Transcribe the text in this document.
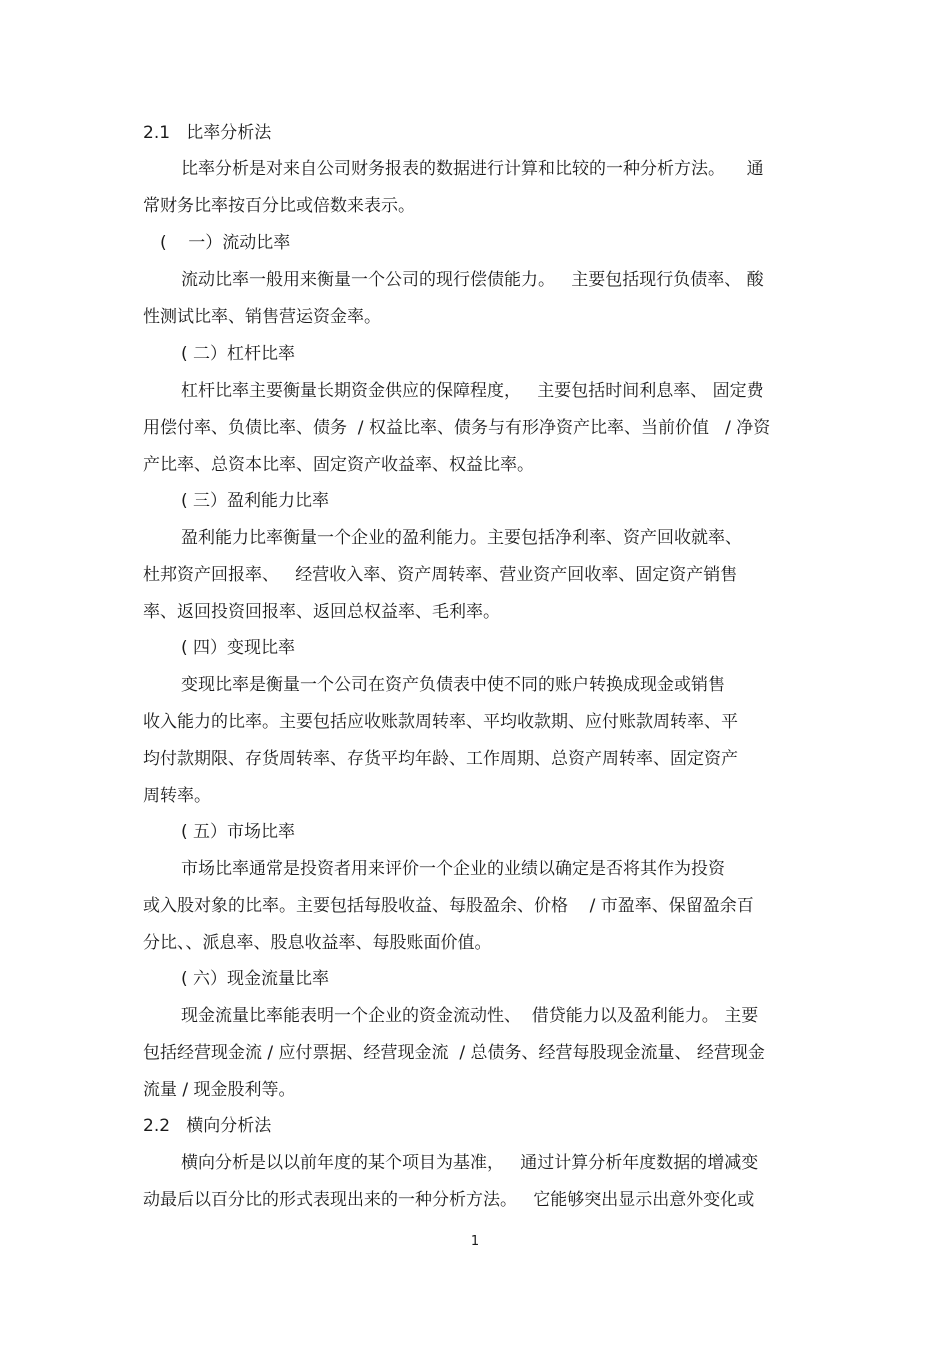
2.1   比率分析法
比率分析是对来自公司财务报表的数据进行计算和比较的一种分析方法。    通
常财务比率按百分比或倍数来表示。
(    一）流动比率
流动比率一般用来衡量一个公司的现行偿债能力。   主要包括现行负债率、 酸
性测试比率、销售营运资金率。
( 二）杠杆比率
杠杆比率主要衡量长期资金供应的保障程度，   主要包括时间利息率、 固定费
用偿付率、负债比率、债务  / 权益比率、债务与有形净资产比率、当前价值   / 净资
产比率、总资本比率、固定资产收益率、权益比率。
( 三）盈利能力比率
盈利能力比率衡量一个企业的盈利能力。主要包括净利率、资产回收就率、
杜邦资产回报率、   经营收入率、资产周转率、营业资产回收率、固定资产销售
率、返回投资回报率、返回总权益率、毛利率。
( 四）变现比率
变现比率是衡量一个公司在资产负债表中使不同的账户转换成现金或销售
收入能力的比率。主要包括应收账款周转率、平均收款期、应付账款周转率、平
均付款期限、存货周转率、存货平均年龄、工作周期、总资产周转率、固定资产
周转率。
( 五）市场比率
市场比率通常是投资者用来评价一个企业的业绩以确定是否将其作为投资
或入股对象的比率。主要包括每股收益、每股盈余、价格    / 市盈率、保留盈余百
分比、、派息率、股息收益率、每股账面价值。
( 六）现金流量比率
现金流量比率能表明一个企业的资金流动性、  借贷能力以及盈利能力。 主要
包括经营现金流 / 应付票据、经营现金流  / 总债务、经营每股现金流量、 经营现金
流量 / 现金股利等。
2.2   横向分析法
横向分析是以以前年度的某个项目为基准，   通过计算分析年度数据的增减变
动最后以百分比的形式表现出来的一种分析方法。   它能够突出显示出意外变化或
1
